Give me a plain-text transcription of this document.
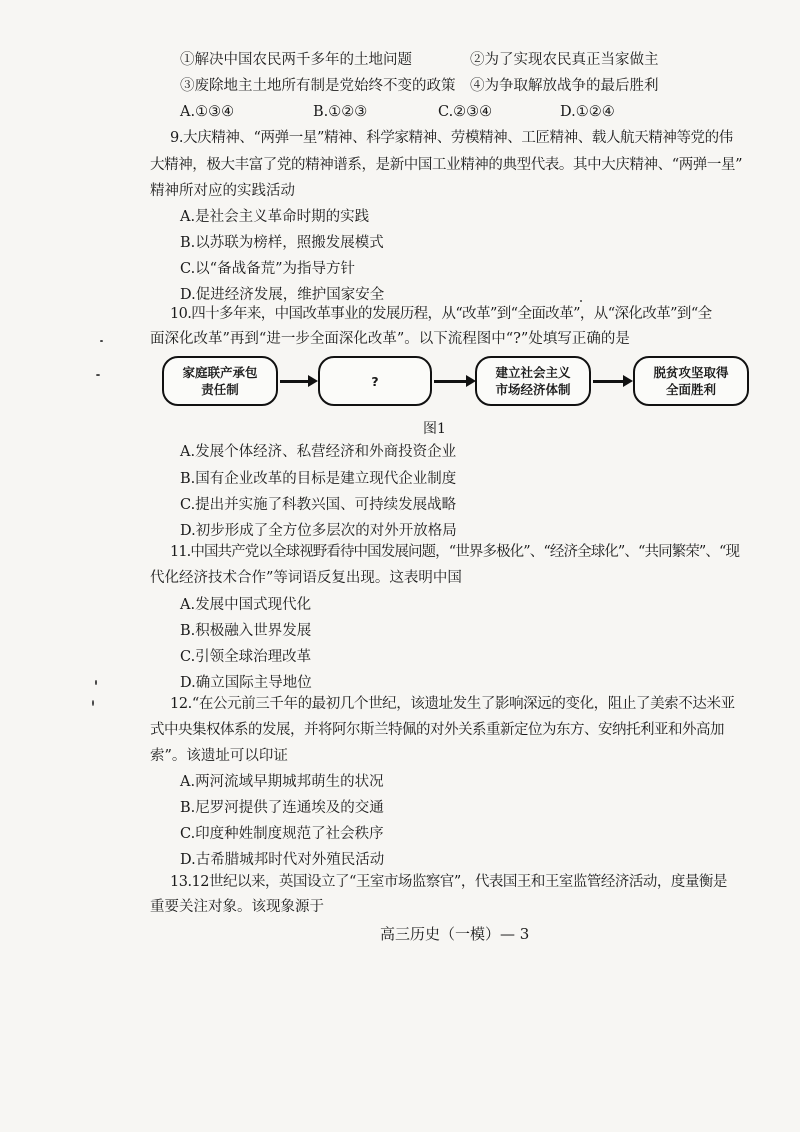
①解决中国农民两千多年的土地问题	②为了实现农民真正当家做主
③废除地主土地所有制是党始终不变的政策 ④为争取解放战争的最后胜利
A.①③④	B.①②③	C.②③④	D.①②④
9.大庆精神、“两弹一星”精神、科学家精神、劳模精神、工匠精神、载人航天精神等党的伟
大精神，极大丰富了党的精神谱系，是新中国工业精神的典型代表。其中大庆精神、“两弹一星”
精神所对应的实践活动
A.是社会主义革命时期的实践
B.以苏联为榜样，照搬发展模式
C.以“备战备荒”为指导方针
D.促进经济发展，维护国家安全
10.四十多年来，中国改革事业的发展历程，从“改革”到“全面改革”，从“深化改革”到“全
面深化改革”再到“进一步全面深化改革”。以下流程图中“?”处填写正确的是
家庭联产承包
责任制
?
建立社会主义
市场经济体制
脱贫攻坚取得
全面胜利
图1
A.发展个体经济、私营经济和外商投资企业
B.国有企业改革的目标是建立现代企业制度
C.提出并实施了科教兴国、可持续发展战略
D.初步形成了全方位多层次的对外开放格局
11.中国共产党以全球视野看待中国发展问题，“世界多极化”、“经济全球化”、“共同繁荣”、“现
代化经济技术合作”等词语反复出现。这表明中国
A.发展中国式现代化
B.积极融入世界发展
C.引领全球治理改革
D.确立国际主导地位
12.“在公元前三千年的最初几个世纪，该遗址发生了影响深远的变化，阻止了美索不达米亚
式中央集权体系的发展，并将阿尔斯兰特佩的对外关系重新定位为东方、安纳托利亚和外高加
索”。该遗址可以印证
A.两河流域早期城邦萌生的状况
B.尼罗河提供了连通埃及的交通
C.印度种姓制度规范了社会秩序
D.古希腊城邦时代对外殖民活动
13.12世纪以来，英国设立了“王室市场监察官”，代表国王和王室监管经济活动，度量衡是
重要关注对象。该现象源于
高三历史（一模）— 3
